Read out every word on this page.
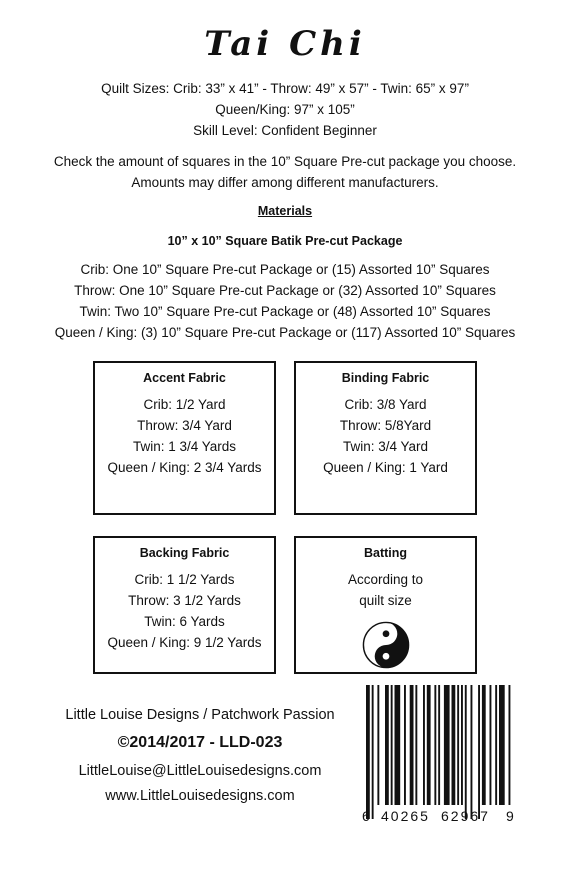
Tai Chi
Quilt Sizes: Crib: 33” x 41” - Throw: 49” x 57” - Twin: 65” x 97”
Queen/King: 97” x 105”
Skill Level: Confident Beginner
Check the amount of squares in the 10” Square Pre-cut package you choose.
Amounts may differ among different manufacturers.
Materials
10” x 10” Square Batik Pre-cut Package
Crib: One 10” Square Pre-cut Package or (15) Assorted 10” Squares
Throw: One 10” Square Pre-cut Package or (32) Assorted 10” Squares
Twin: Two 10” Square Pre-cut Package or (48) Assorted 10” Squares
Queen / King: (3) 10” Square Pre-cut Package or (117) Assorted 10” Squares
Accent Fabric
Crib: 1/2 Yard
Throw: 3/4 Yard
Twin: 1 3/4 Yards
Queen / King: 2 3/4 Yards
Binding Fabric
Crib: 3/8 Yard
Throw: 5/8Yard
Twin: 3/4 Yard
Queen / King: 1 Yard
Backing Fabric
Crib: 1 1/2 Yards
Throw: 3 1/2 Yards
Twin: 6 Yards
Queen / King: 9 1/2 Yards
Batting
According to
quilt size
Little Louise Designs / Patchwork Passion
©2014/2017 - LLD-023
LittleLouise@LittleLouisedesigns.com
www.LittleLouisedesigns.com
6 40265 62967 9
